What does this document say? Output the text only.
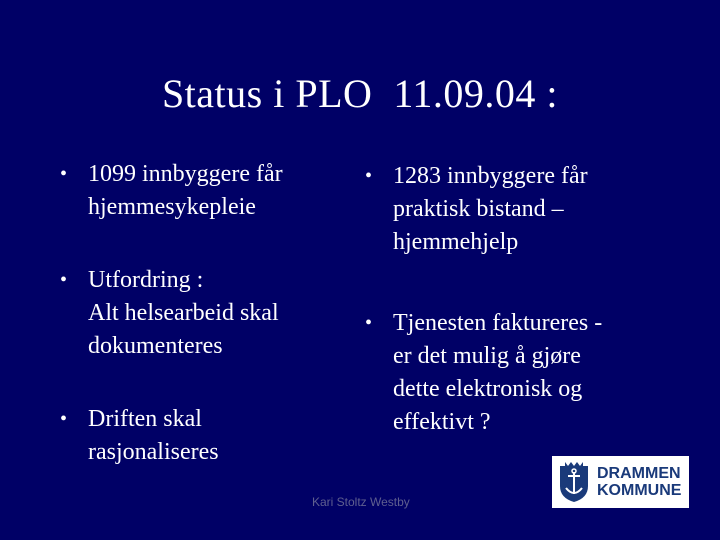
Status i PLO  11.09.04 :
• 1099 innbyggere får
hjemmesykepleie
• Utfordring :
Alt helsearbeid skal
dokumenteres
• Driften skal
rasjonaliseres
• 1283 innbyggere får
praktisk bistand –
hjemmehjelp
• Tjenesten faktureres -
er det mulig å gjøre
dette elektronisk og
effektivt ?
Kari Stoltz Westby
DRAMMEN
KOMMUNE
